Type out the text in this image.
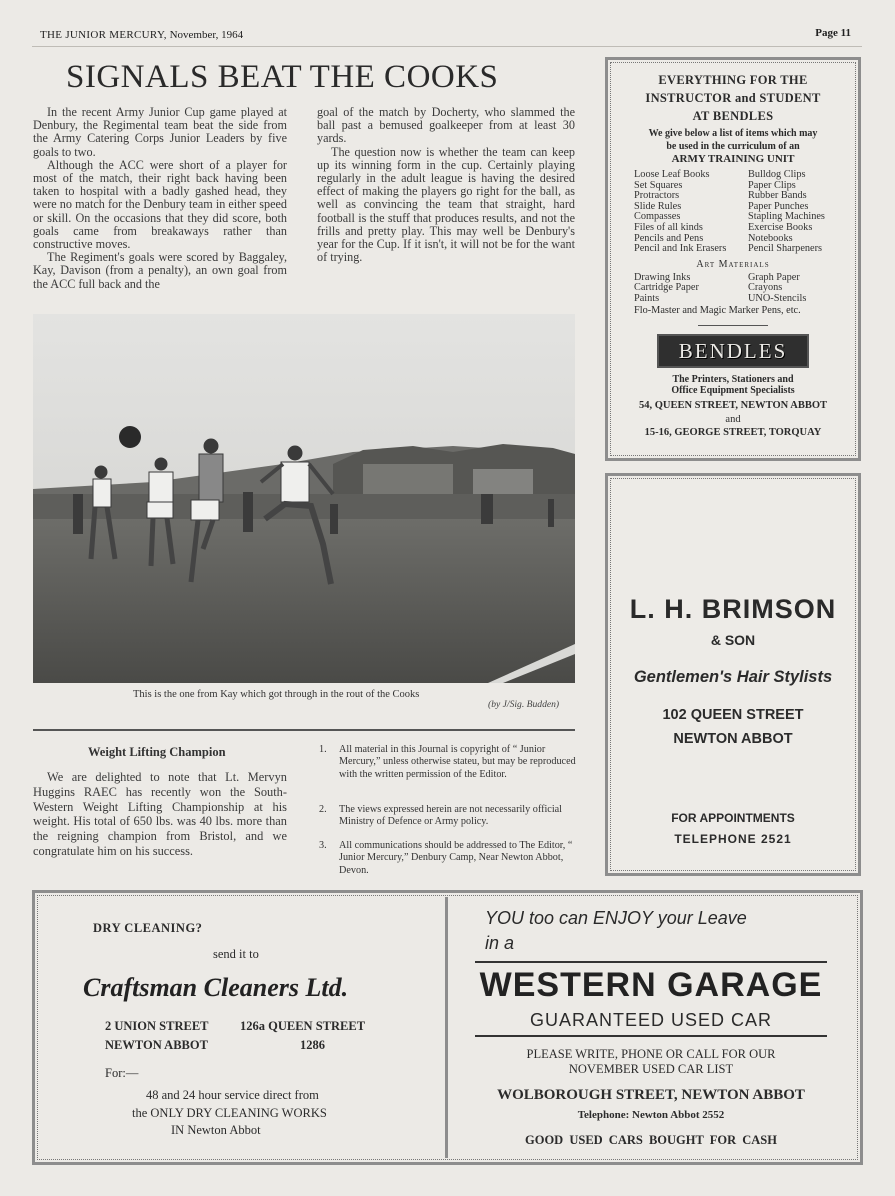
THE JUNIOR MERCURY, November, 1964	Page 11
SIGNALS BEAT THE COOKS

In the recent Army Junior Cup game played at Denbury, the Regimental team beat the side from the Army Catering Corps Junior Leaders by five goals to two.

Although the ACC were short of a player for most of the match, their right back having been taken to hospital with a badly gashed head, they were no match for the Denbury team in either speed or skill. On the occasions that they did score, both goals came from breakaways rather than constructive moves.

The Regiment's goals were scored by Baggaley, Kay, Davison (from a penalty), an own goal from the ACC full back and the

goal of the match by Docherty, who slammed the ball past a bemused goalkeeper from at least 30 yards.

The question now is whether the team can keep up its winning form in the cup. Certainly playing regularly in the adult league is having the desired effect of making the players go right for the ball, as well as convincing the team that straight, hard football is the stuff that produces results, and not the frills and pretty play. This may well be Denbury's year for the Cup. If it isn't, it will not be for the want of trying.

This is the one from Kay which got through in the rout of the Cooks
(by J/Sig. Budden)
Weight Lifting Champion

We are delighted to note that Lt. Mervyn Huggins RAEC has recently won the South-Western Weight Lifting Championship at his weight. His total of 650 lbs. was 40 lbs. more than the reigning champion from Bristol, and we congratulate him on his success.

1. All material in this Journal is copyright of “ Junior Mercury,” unless otherwise stateu, but may be reproduced with the written permission of the Editor.
2. The views expressed herein are not necessarily official Ministry of Defence or Army policy.
3. All communications should be addressed to The Editor, “ Junior Mercury,” Denbury Camp, Near Newton Abbot, Devon.
EVERYTHING FOR THE
INSTRUCTOR and STUDENT
AT BENDLES
We give below a list of items which may
be used in the curriculum of an
ARMY TRAINING UNIT
Loose Leaf Books	Bulldog Clips
Set Squares	Paper Clips
Protractors	Rubber Bands
Slide Rules	Paper Punches
Compasses	Stapling Machines
Files of all kinds	Exercise Books
Pencils and Pens	Notebooks
Pencil and Ink Erasers	Pencil Sharpeners
Art Materials
Drawing Inks	Graph Paper
Cartridge Paper	Crayons
Paints	UNO-Stencils
Flo-Master and Magic Marker Pens, etc.
BENDLES
The Printers, Stationers and
Office Equipment Specialists
54, QUEEN STREET, NEWTON ABBOT
and
15-16, GEORGE STREET, TORQUAY
L. H. BRIMSON
& SON
Gentlemen's Hair Stylists
102 QUEEN STREET
NEWTON ABBOT
FOR APPOINTMENTS
TELEPHONE 2521
DRY CLEANING?
send it to
Craftsman Cleaners Ltd.
2 UNION STREET	126a QUEEN STREET
NEWTON ABBOT	1286
For:—
48 and 24 hour service direct from
the ONLY DRY CLEANING WORKS
IN Newton Abbot
YOU too can ENJOY your Leave
in a
WESTERN GARAGE
GUARANTEED USED CAR
PLEASE WRITE, PHONE OR CALL FOR OUR
NOVEMBER USED CAR LIST
WOLBOROUGH STREET, NEWTON ABBOT
Telephone: Newton Abbot 2552
GOOD USED CARS BOUGHT FOR CASH
